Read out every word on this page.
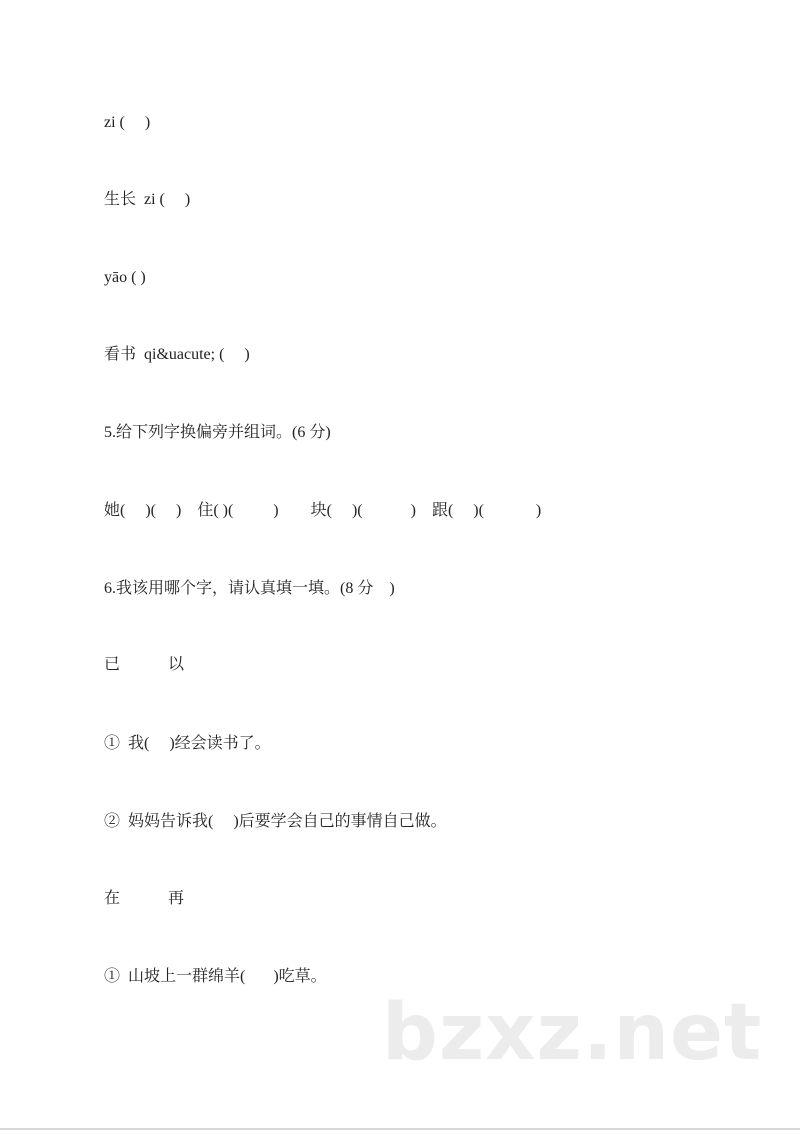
zi (     )
生长  zi (     )
yāo ( )
看书  qi&uacute; (     )
5.给下列字换偏旁并组词。(6 分)
她(     )(     )    住( )(          )        块(     )(            )    跟(     )(             )
6.我该用哪个字，请认真填一填。(8 分    )
已            以
①  我(     )经会读书了。
②  妈妈告诉我(     )后要学会自己的事情自己做。
在            再
①  山坡上一群绵羊(       )吃草。
bzxz.net
